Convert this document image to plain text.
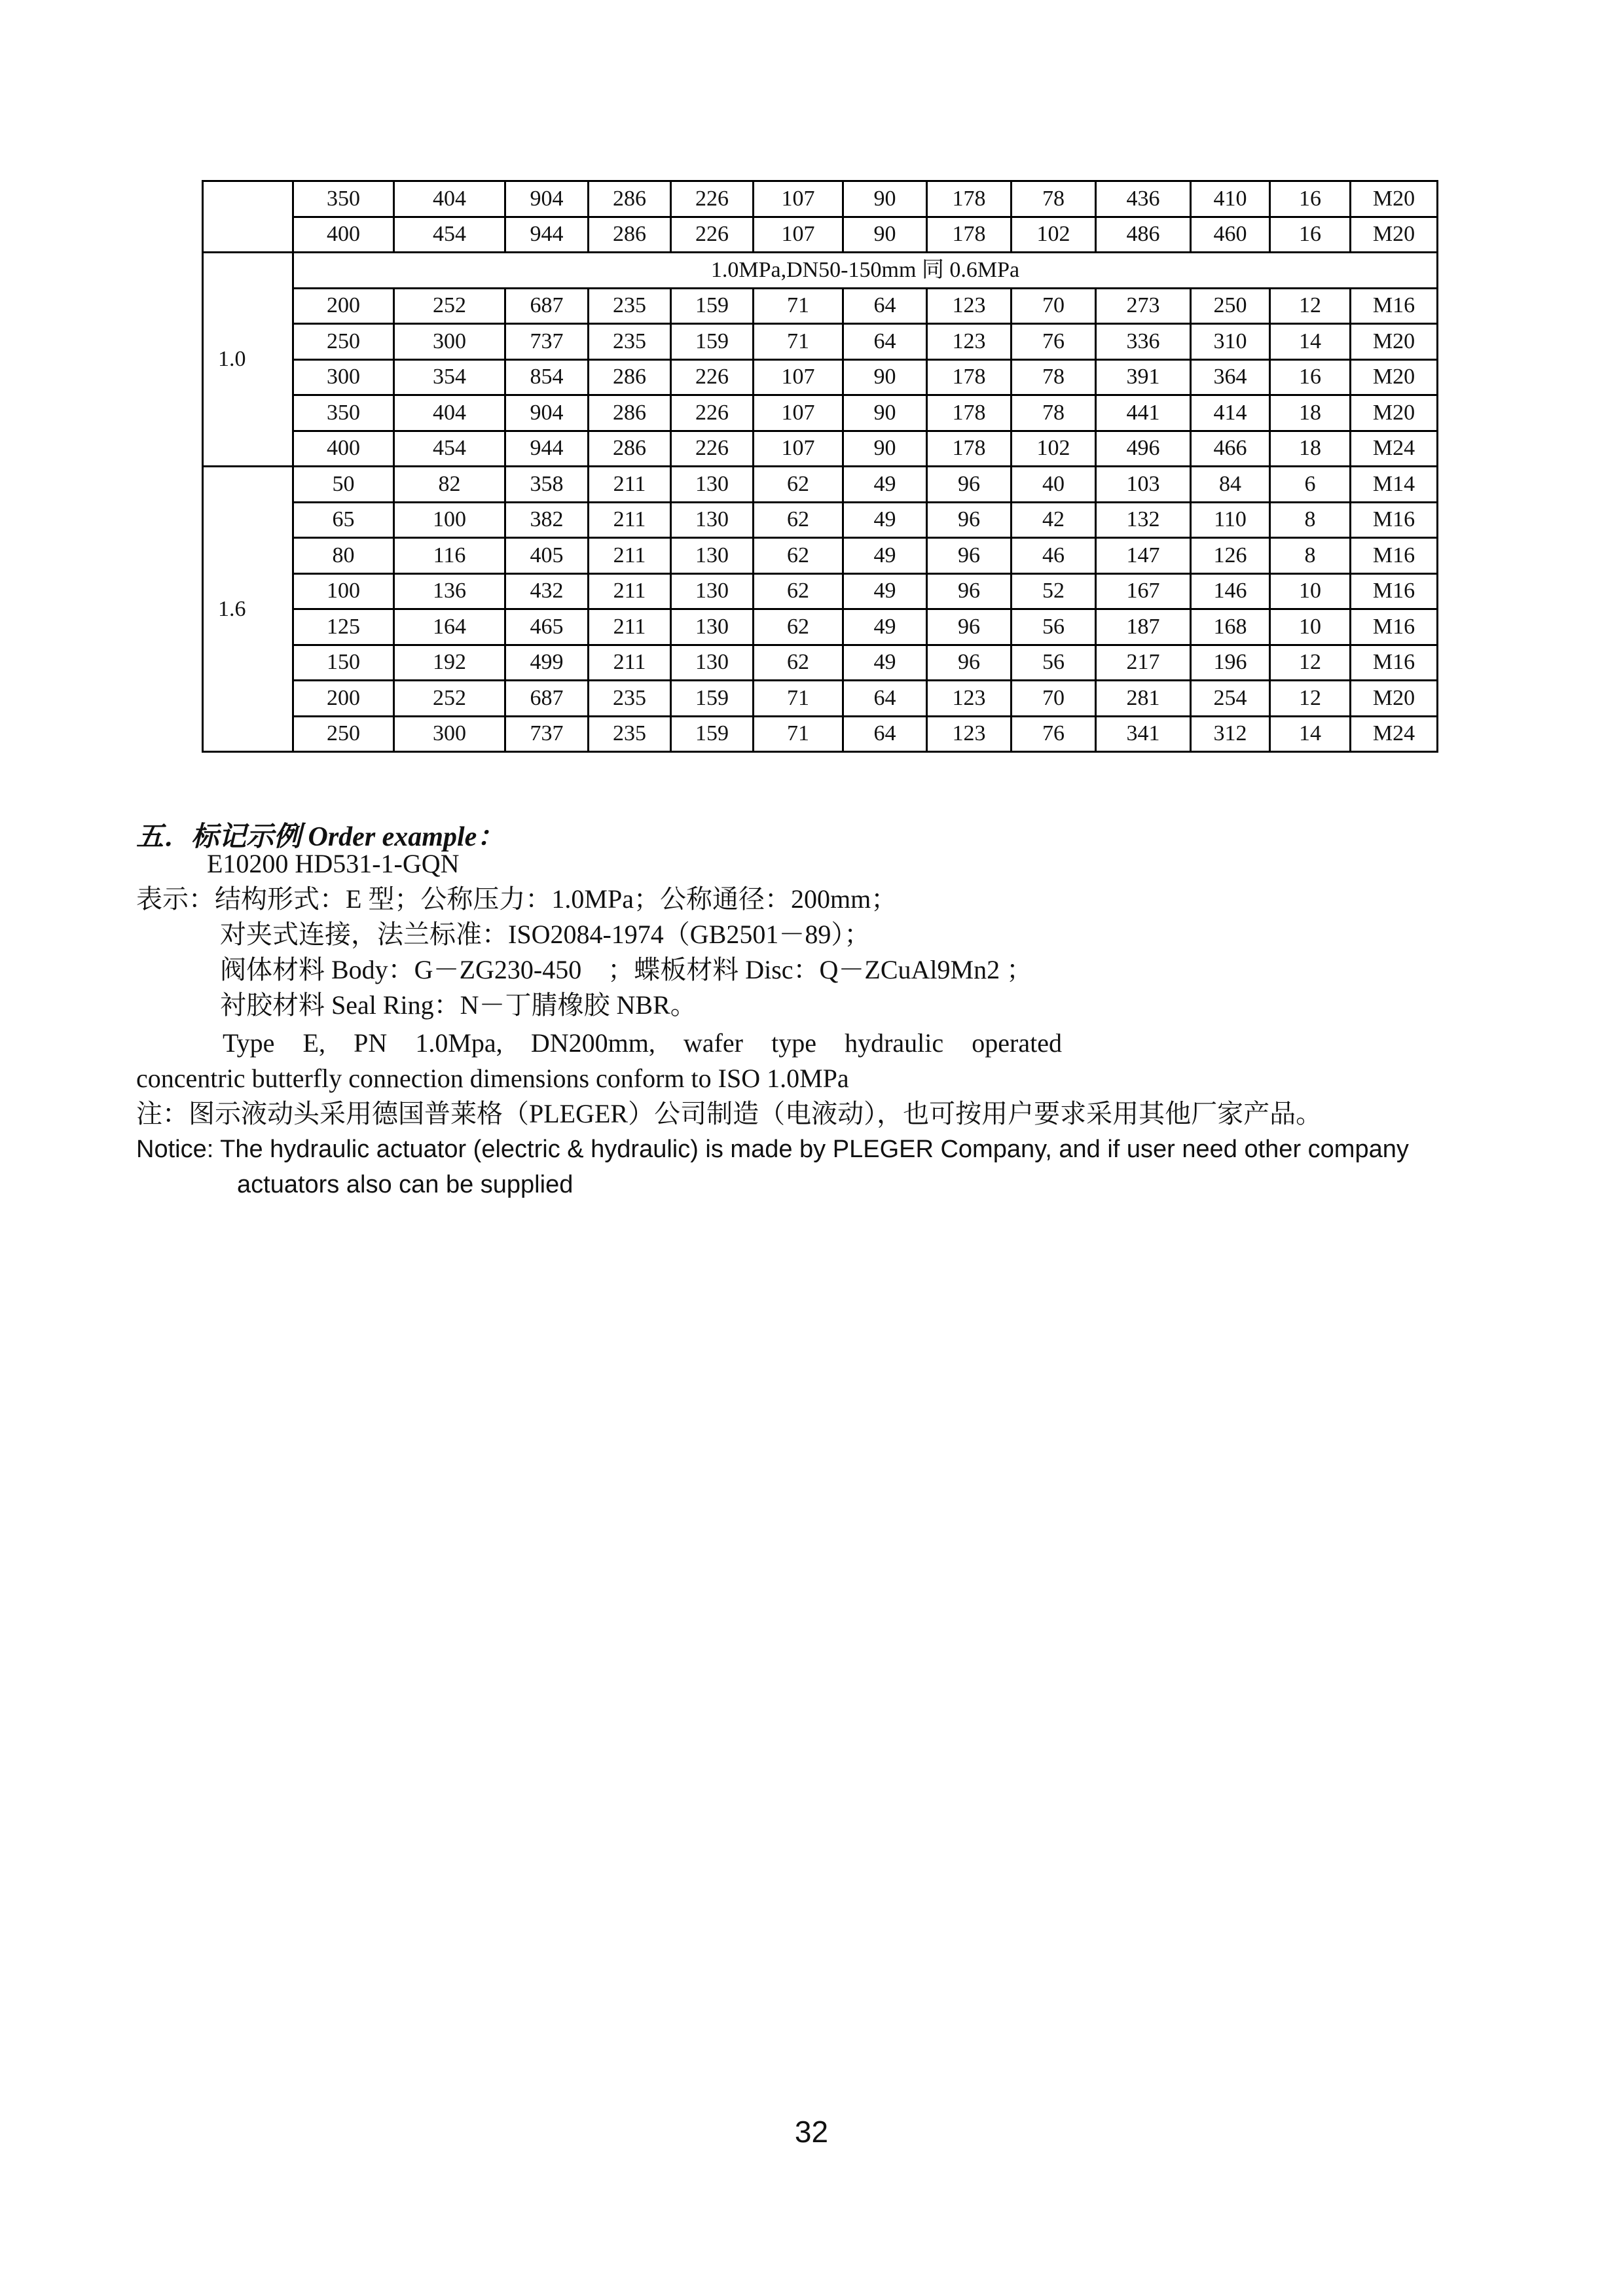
	350	404	904	286	226	107	90	178	78	436	410	16	M20
	400	454	944	286	226	107	90	178	102	486	460	16	M20
1.0	1.0MPa,DN50-150mm 同 0.6MPa												
	200	252	687	235	159	71	64	123	70	273	250	12	M16
	250	300	737	235	159	71	64	123	76	336	310	14	M20
	300	354	854	286	226	107	90	178	78	391	364	16	M20
	350	404	904	286	226	107	90	178	78	441	414	18	M20
	400	454	944	286	226	107	90	178	102	496	466	18	M24
1.6	50	82	358	211	130	62	49	96	40	103	84	6	M14
	65	100	382	211	130	62	49	96	42	132	110	8	M16
	80	116	405	211	130	62	49	96	46	147	126	8	M16
	100	136	432	211	130	62	49	96	52	167	146	10	M16
	125	164	465	211	130	62	49	96	56	187	168	10	M16
	150	192	499	211	130	62	49	96	56	217	196	12	M16
	200	252	687	235	159	71	64	123	70	281	254	12	M20
	250	300	737	235	159	71	64	123	76	341	312	14	M24
五．标记示例 Order example：
E10200 HD531-1-GQN
表示：结构形式：E 型；公称压力：1.0MPa；公称通径：200mm；
对夹式连接，法兰标准：ISO2084-1974（GB2501－89）；
阀体材料 Body：G－ZG230-450　；蝶板材料 Disc：Q－ZCuAl9Mn2 ；
衬胶材料 Seal Ring：N－丁腈橡胶 NBR。
Type E, PN 1.0Mpa, DN200mm, wafer type hydraulic operated
concentric butterfly connection dimensions conform to ISO 1.0MPa
注：图示液动头采用德国普莱格（PLEGER）公司制造（电液动），也可按用户要求采用其他厂家产品。
Notice: The hydraulic actuator (electric & hydraulic) is made by PLEGER Company, and if user need other company
actuators also can be supplied
32
